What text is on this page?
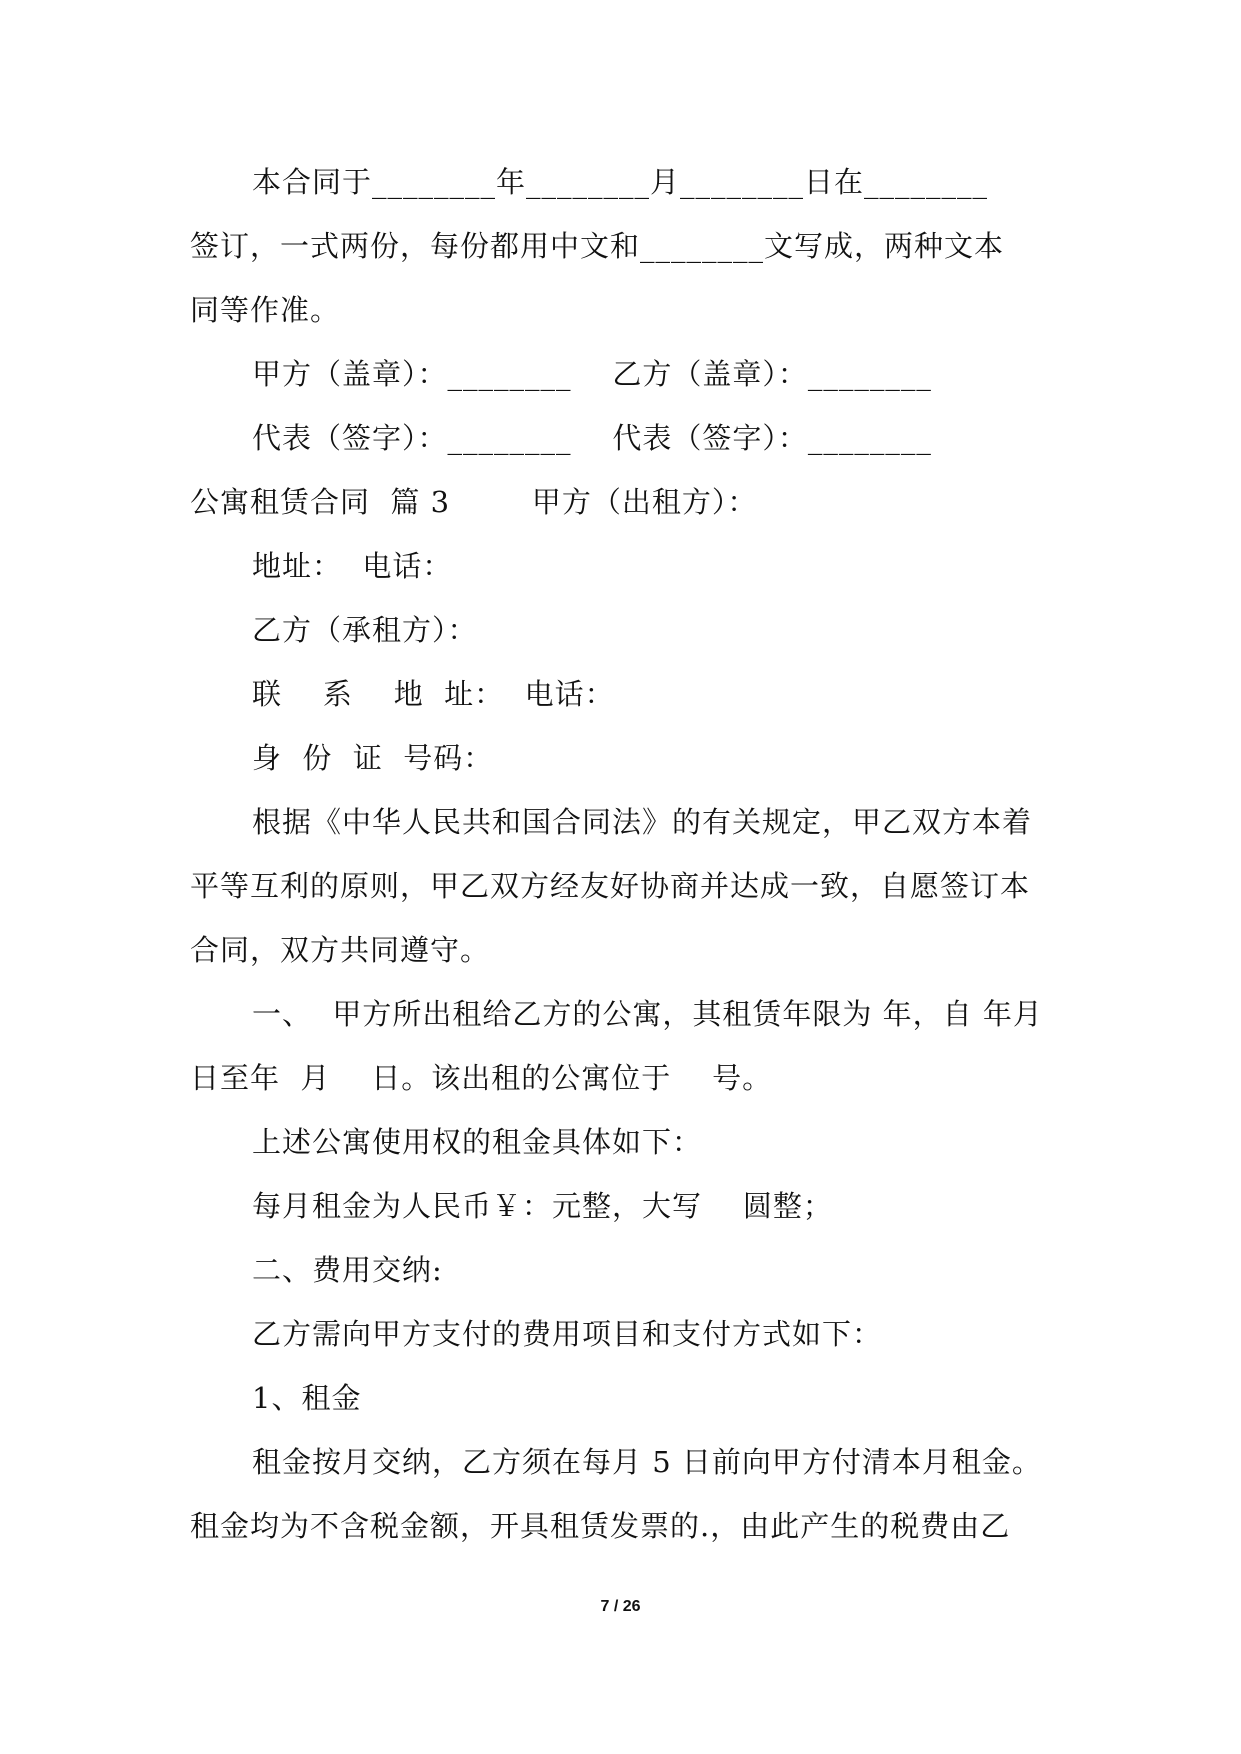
本合同于________年________月________日在________
签订，一式两份，每份都用中文和________文写成，两种文本
同等作准。
甲方（盖章）：________    乙方（盖章）：________
代表（签字）：________    代表（签字）：________
公寓租赁合同  篇 3        甲方（出租方）：
地址：  电话：
乙方（承租方）：
联    系    地  址：  电话：
身  份  证  号码：
根据《中华人民共和国合同法》的有关规定，甲乙双方本着
平等互利的原则，甲乙双方经友好协商并达成一致，自愿签订本
合同，双方共同遵守。
一、  甲方所出租给乙方的公寓，其租赁年限为 年，自 年月
日至年  月    日。该出租的公寓位于    号。
上述公寓使用权的租金具体如下：
每月租金为人民币￥：元整，大写    圆整；
二、费用交纳:
乙方需向甲方支付的费用项目和支付方式如下：
1、租金
租金按月交纳，乙方须在每月 5 日前向甲方付清本月租金。
租金均为不含税金额，开具租赁发票的.，由此产生的税费由乙
7 / 26
